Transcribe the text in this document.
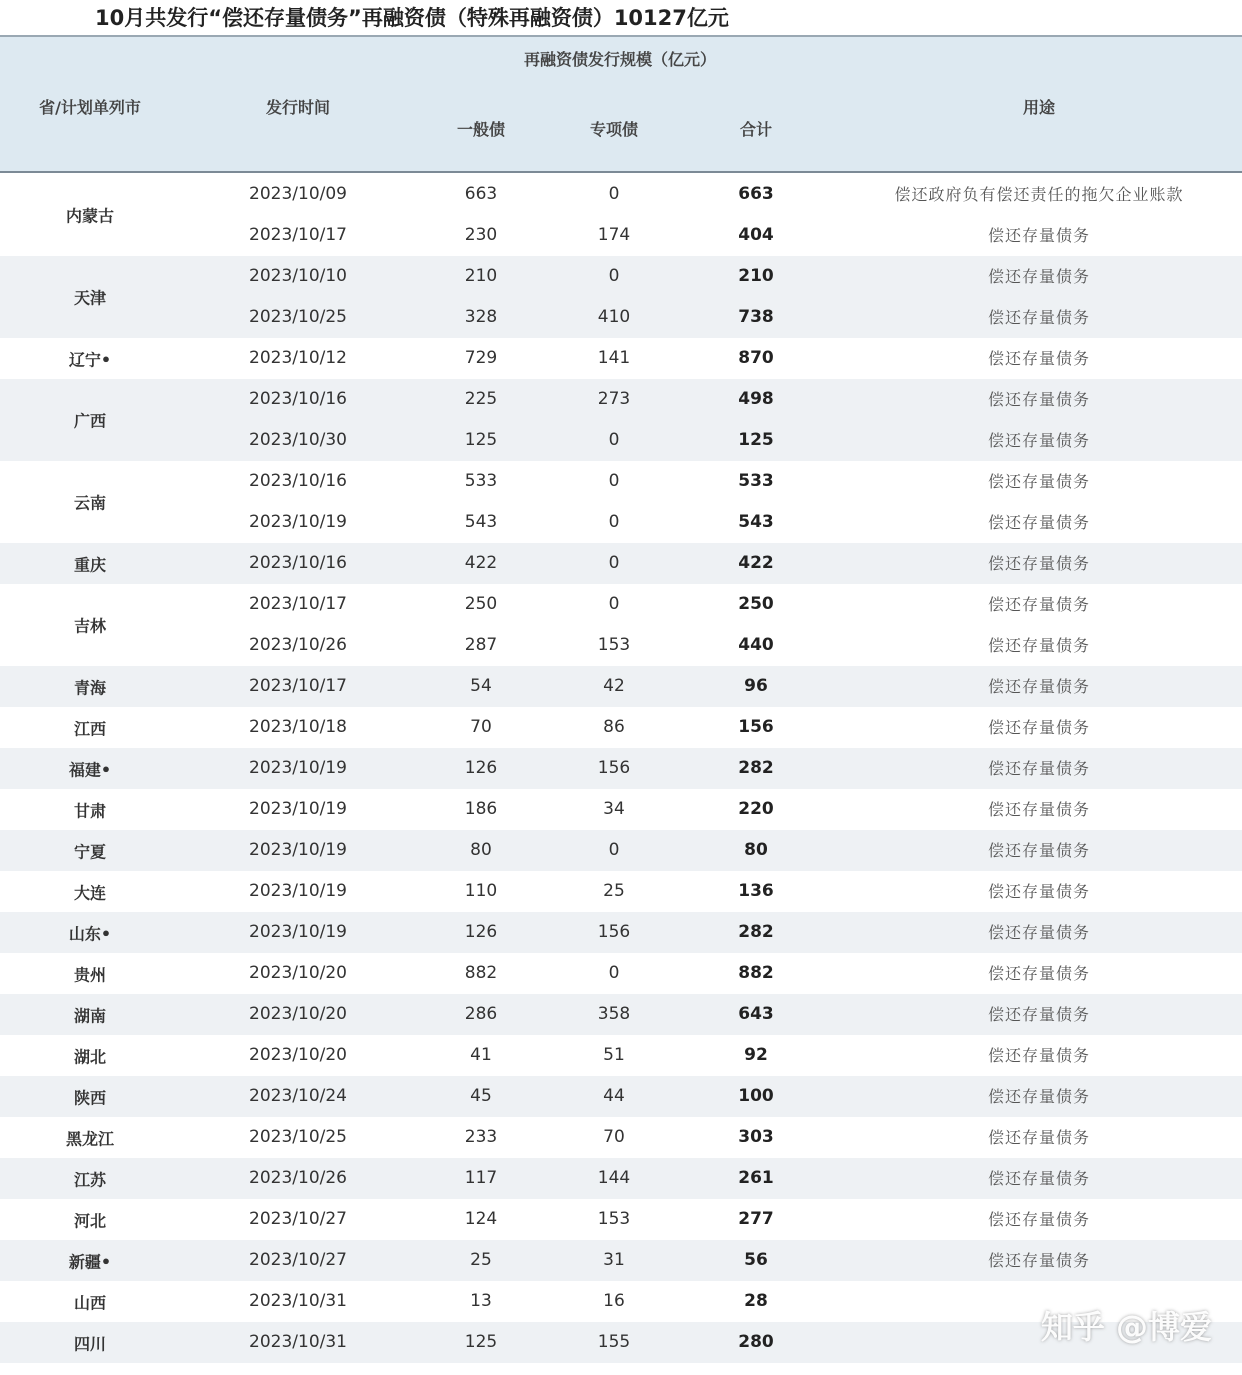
10月共发行“偿还存量债务”再融资债（特殊再融资债）10127亿元
省/计划单列市	发行时间
再融资债发行规模（亿元）
一般债	专项债	合计
用途
内蒙古
2023/10/09	663	0	663	偿还政府负有偿还责任的拖欠企业账款
2023/10/17	230	174	404	偿还存量债务
天津
2023/10/10	210	0	210	偿还存量债务
2023/10/25	328	410	738	偿还存量债务
辽宁•	2023/10/12	729	141	870	偿还存量债务
广西
2023/10/16	225	273	498	偿还存量债务
2023/10/30	125	0	125	偿还存量债务
云南
2023/10/16	533	0	533	偿还存量债务
2023/10/19	543	0	543	偿还存量债务
重庆	2023/10/16	422	0	422	偿还存量债务
吉林
2023/10/17	250	0	250	偿还存量债务
2023/10/26	287	153	440	偿还存量债务
青海	2023/10/17	54	42	96	偿还存量债务
江西	2023/10/18	70	86	156	偿还存量债务
福建•	2023/10/19	126	156	282	偿还存量债务
甘肃	2023/10/19	186	34	220	偿还存量债务
宁夏	2023/10/19	80	0	80	偿还存量债务
大连	2023/10/19	110	25	136	偿还存量债务
山东•	2023/10/19	126	156	282	偿还存量债务
贵州	2023/10/20	882	0	882	偿还存量债务
湖南	2023/10/20	286	358	643	偿还存量债务
湖北	2023/10/20	41	51	92	偿还存量债务
陕西	2023/10/24	45	44	100	偿还存量债务
黑龙江	2023/10/25	233	70	303	偿还存量债务
江苏	2023/10/26	117	144	261	偿还存量债务
河北	2023/10/27	124	153	277	偿还存量债务
新疆•	2023/10/27	25	31	56	偿还存量债务
山西	2023/10/31	13	16	28
四川	2023/10/31	125	155	280	知乎 @博爱
